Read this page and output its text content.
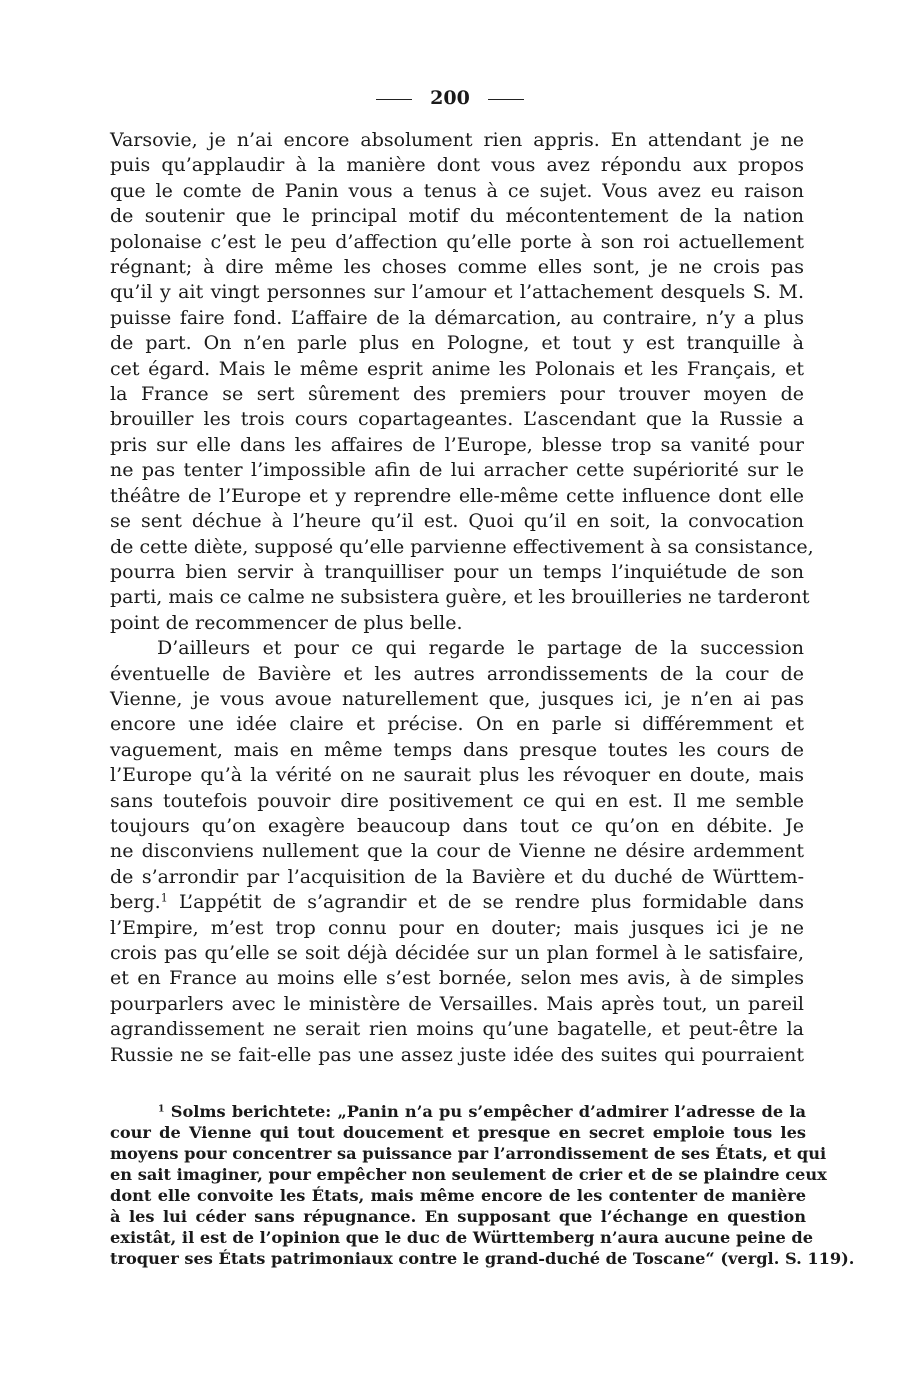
200
Varsovie, je n’ai encore absolument rien appris. En attendant je ne
puis qu’applaudir à la manière dont vous avez répondu aux propos
que le comte de Panin vous a tenus à ce sujet. Vous avez eu raison
de soutenir que le principal motif du mécontentement de la nation
polonaise c’est le peu d’affection qu’elle porte à son roi actuellement
régnant; à dire même les choses comme elles sont, je ne crois pas
qu’il y ait vingt personnes sur l’amour et l’attachement desquels S. M.
puisse faire fond. L’affaire de la démarcation, au contraire, n’y a plus
de part. On n’en parle plus en Pologne, et tout y est tranquille à
cet égard. Mais le même esprit anime les Polonais et les Français, et
la France se sert sûrement des premiers pour trouver moyen de
brouiller les trois cours copartageantes. L’ascendant que la Russie a
pris sur elle dans les affaires de l’Europe, blesse trop sa vanité pour
ne pas tenter l’impossible afin de lui arracher cette supériorité sur le
théâtre de l’Europe et y reprendre elle-même cette influence dont elle
se sent déchue à l’heure qu’il est. Quoi qu’il en soit, la convocation
de cette diète, supposé qu’elle parvienne effectivement à sa consistance,
pourra bien servir à tranquilliser pour un temps l’inquiétude de son
parti, mais ce calme ne subsistera guère, et les brouilleries ne tarderont
point de recommencer de plus belle.
D’ailleurs et pour ce qui regarde le partage de la succession
éventuelle de Bavière et les autres arrondissements de la cour de
Vienne, je vous avoue naturellement que, jusques ici, je n’en ai pas
encore une idée claire et précise. On en parle si différemment et
vaguement, mais en même temps dans presque toutes les cours de
l’Europe qu’à la vérité on ne saurait plus les révoquer en doute, mais
sans toutefois pouvoir dire positivement ce qui en est. Il me semble
toujours qu’on exagère beaucoup dans tout ce qu’on en débite. Je
ne disconviens nullement que la cour de Vienne ne désire ardemment
de s’arrondir par l’acquisition de la Bavière et du duché de Württem-
berg.$^1$ L’appétit de s’agrandir et de se rendre plus formidable dans
l’Empire, m’est trop connu pour en douter; mais jusques ici je ne
crois pas qu’elle se soit déjà décidée sur un plan formel à le satisfaire,
et en France au moins elle s’est bornée, selon mes avis, à de simples
pourparlers avec le ministère de Versailles. Mais après tout, un pareil
agrandissement ne serait rien moins qu’une bagatelle, et peut-être la
Russie ne se fait-elle pas une assez juste idée des suites qui pourraient
$^1$ Solms berichtete: „Panin n’a pu s’empêcher d’admirer l’adresse de la
cour de Vienne qui tout doucement et presque en secret emploie tous les
moyens pour concentrer sa puissance par l’arrondissement de ses États, et qui
en sait imaginer, pour empêcher non seulement de crier et de se plaindre ceux
dont elle convoite les États, mais même encore de les contenter de manière
à les lui céder sans répugnance. En supposant que l’échange en question
existât, il est de l’opinion que le duc de Württemberg n’aura aucune peine de
troquer ses États patrimoniaux contre le grand-duché de Toscane“ (vergl. S. 119).
